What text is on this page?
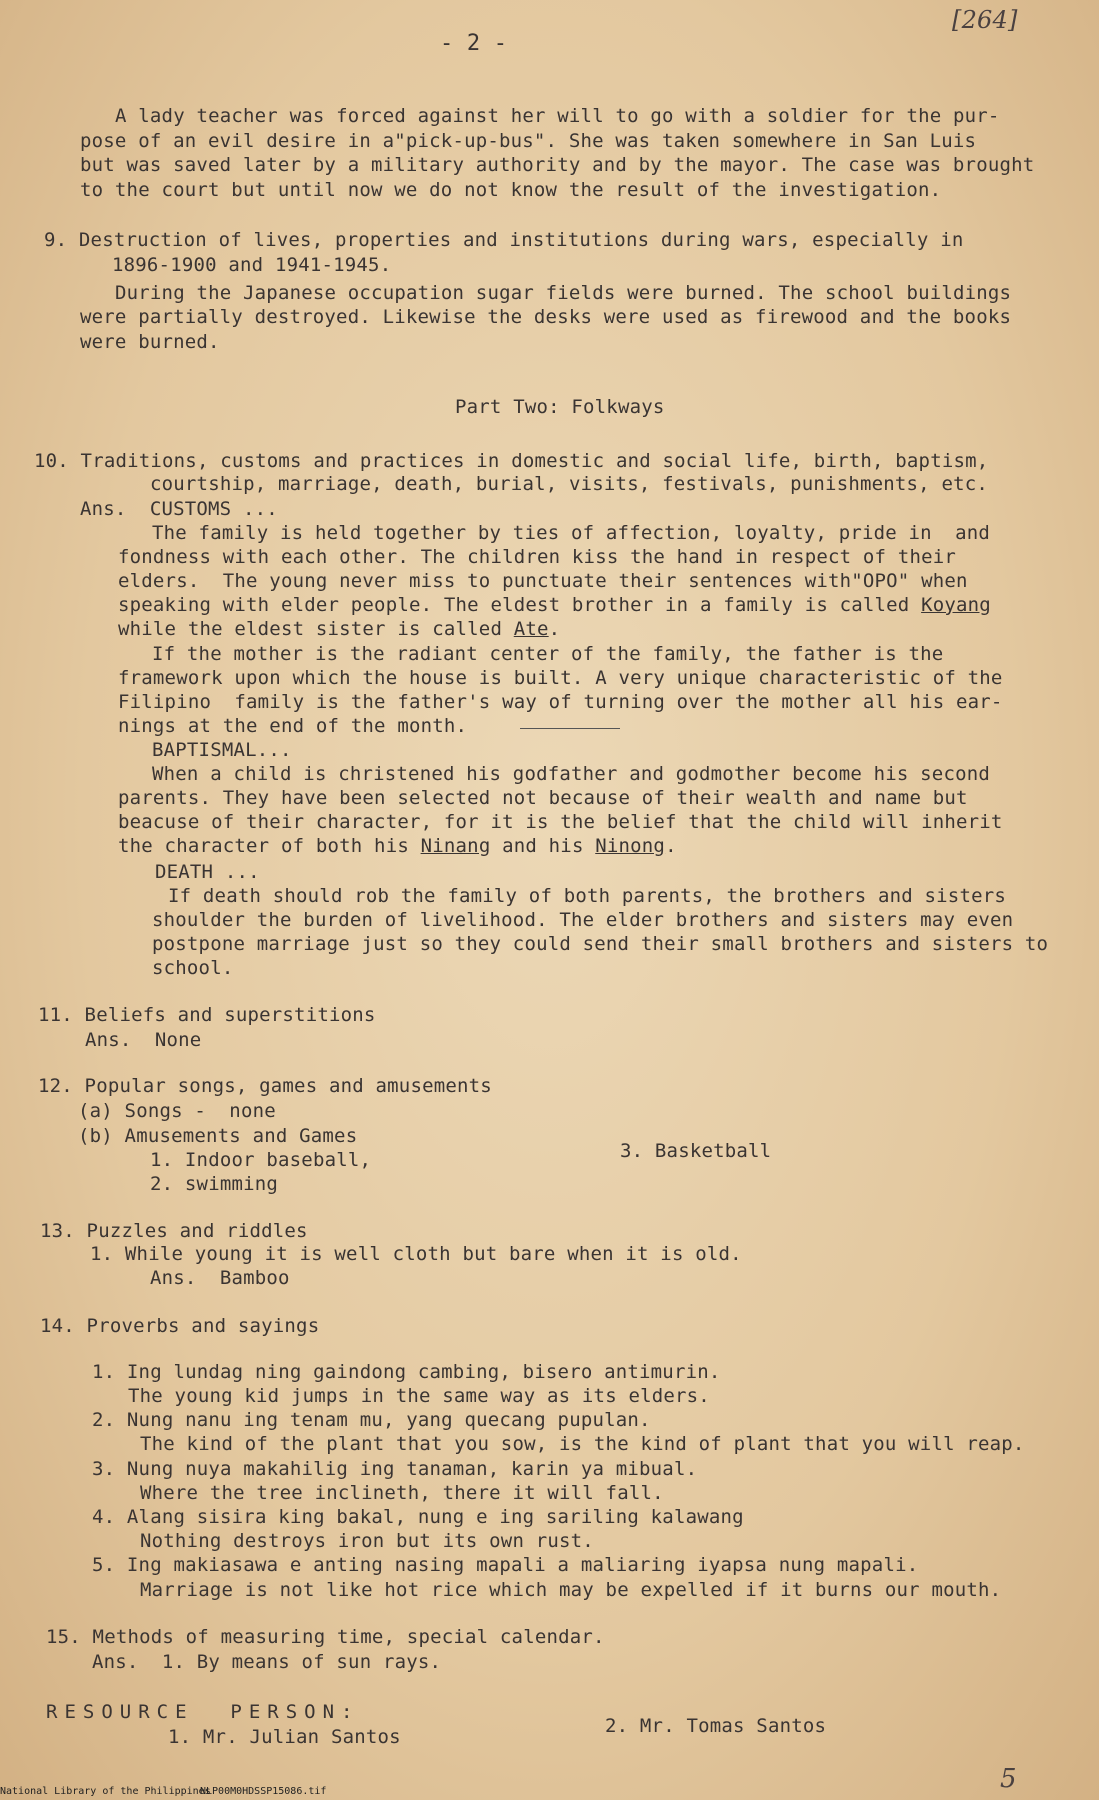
- 2 -
[264]
A lady teacher was forced against her will to go with a soldier for the pur-
pose of an evil desire in a"pick-up-bus". She was taken somewhere in San Luis
but was saved later by a military authority and by the mayor. The case was brought
to the court but until now we do not know the result of the investigation.
9. Destruction of lives, properties and institutions during wars, especially in
1896-1900 and 1941-1945.
During the Japanese occupation sugar fields were burned. The school buildings
were partially destroyed. Likewise the desks were used as firewood and the books
were burned.
Part Two: Folkways
10. Traditions, customs and practices in domestic and social life, birth, baptism,
courtship, marriage, death, burial, visits, festivals, punishments, etc.
Ans.  CUSTOMS ...
The family is held together by ties of affection, loyalty, pride in  and
fondness with each other. The children kiss the hand in respect of their
elders.  The young never miss to punctuate their sentences with"OPO" when
speaking with elder people. The eldest brother in a family is called Koyang
while the eldest sister is called Ate.
If the mother is the radiant center of the family, the father is the
framework upon which the house is built. A very unique characteristic of the
Filipino  family is the father's way of turning over the mother all his ear-
nings at the end of the month.
BAPTISMAL...
When a child is christened his godfather and godmother become his second
parents. They have been selected not because of their wealth and name but
beacuse of their character, for it is the belief that the child will inherit
the character of both his Ninang and his Ninong.
DEATH ...
If death should rob the family of both parents, the brothers and sisters
shoulder the burden of livelihood. The elder brothers and sisters may even
postpone marriage just so they could send their small brothers and sisters to
school.
11. Beliefs and superstitions
Ans.  None
12. Popular songs, games and amusements
(a) Songs -  none
(b) Amusements and Games
1. Indoor baseball,	3. Basketball
2. swimming
13. Puzzles and riddles
1. While young it is well cloth but bare when it is old.
Ans.  Bamboo
14. Proverbs and sayings
1. Ing lundag ning gaindong cambing, bisero antimurin.
The young kid jumps in the same way as its elders.
2. Nung nanu ing tenam mu, yang quecang pupulan.
The kind of the plant that you sow, is the kind of plant that you will reap.
3. Nung nuya makahilig ing tanaman, karin ya mibual.
Where the tree inclineth, there it will fall.
4. Alang sisira king bakal, nung e ing sariling kalawang
Nothing destroys iron but its own rust.
5. Ing makiasawa e anting nasing mapali a maliaring iyapsa nung mapali.
Marriage is not like hot rice which may be expelled if it burns our mouth.
15. Methods of measuring time, special calendar.
Ans.  1. By means of sun rays.
RESOURCE  PERSON:
1. Mr. Julian Santos	2. Mr. Tomas Santos
National Library of the Philippines
NLP00M0HDSSP15086.tif	5
